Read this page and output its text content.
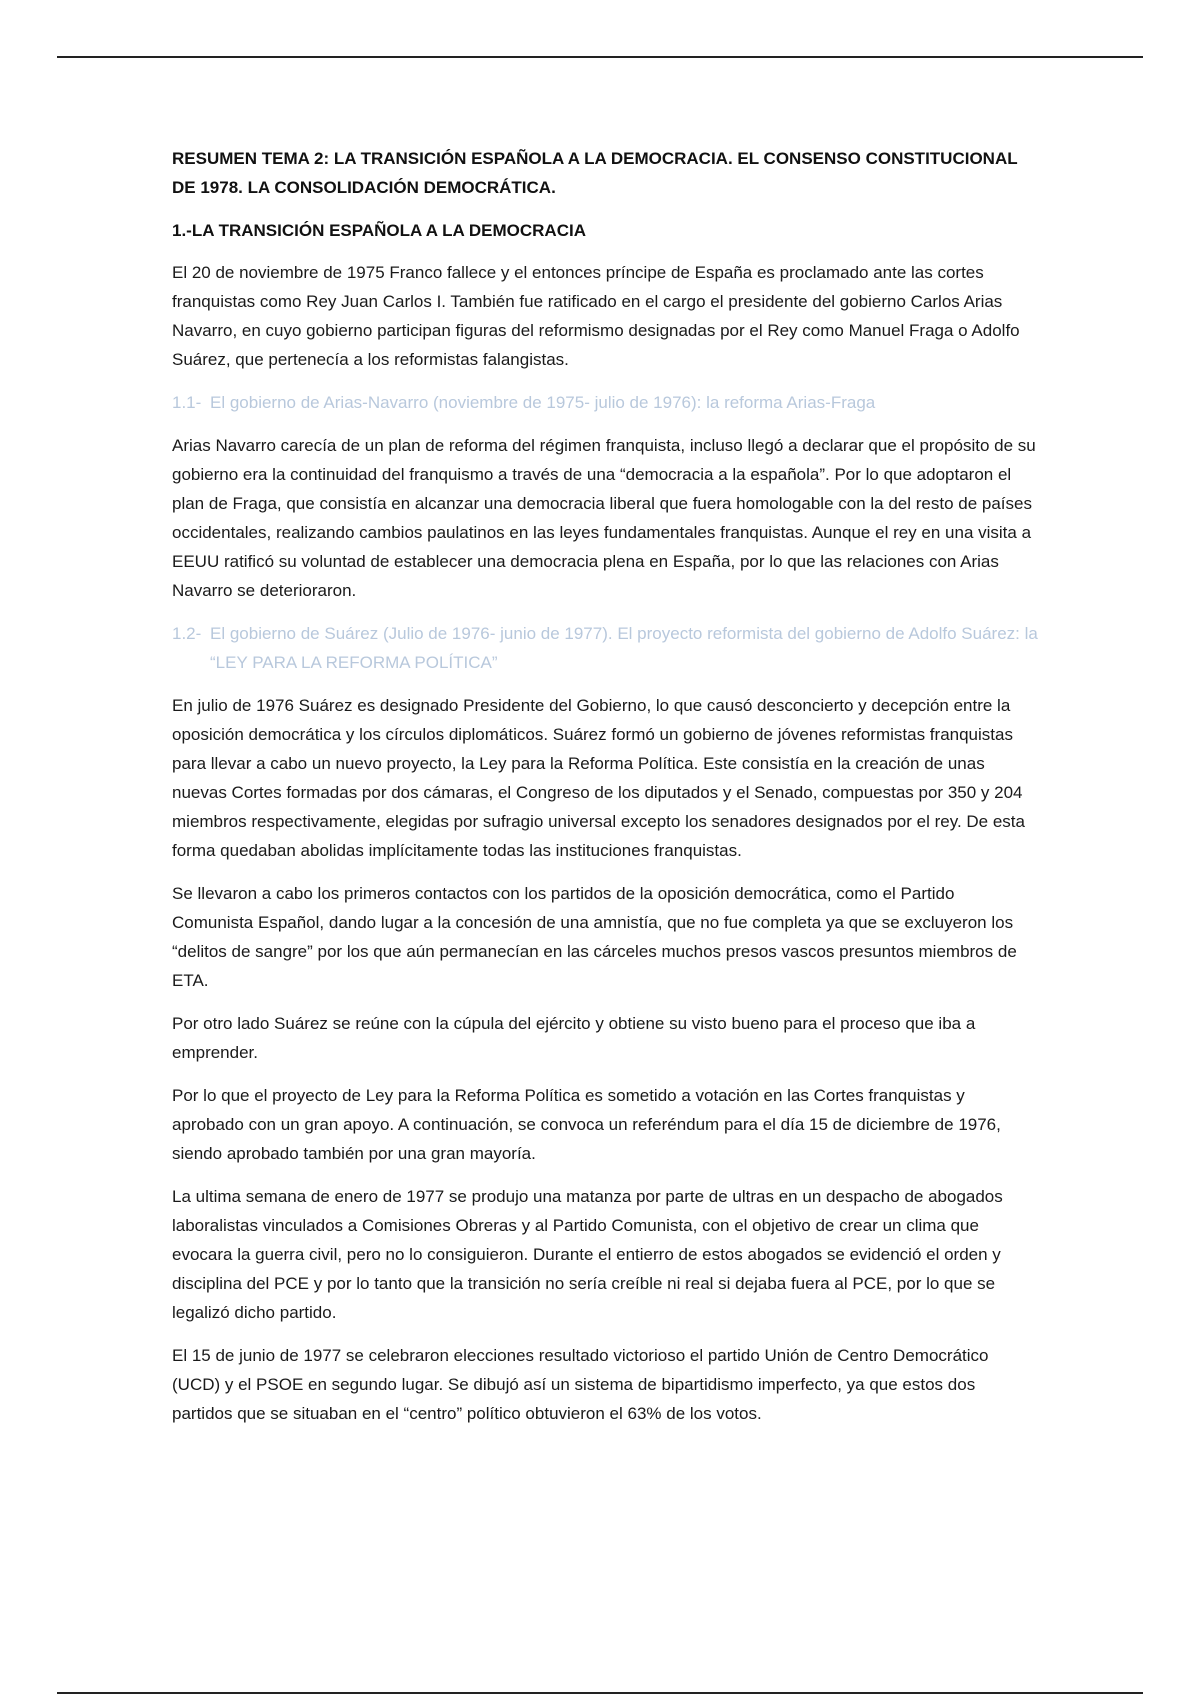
RESUMEN TEMA 2: LA TRANSICIÓN ESPAÑOLA A LA DEMOCRACIA. EL CONSENSO CONSTITUCIONAL DE 1978. LA CONSOLIDACIÓN DEMOCRÁTICA.
1.-LA TRANSICIÓN ESPAÑOLA A LA DEMOCRACIA

El 20 de noviembre de 1975 Franco fallece y el entonces príncipe de España es proclamado ante las cortes franquistas como Rey Juan Carlos I. También fue ratificado en el cargo el presidente del gobierno Carlos Arias Navarro, en cuyo gobierno participan figuras del reformismo designadas por el Rey como Manuel Fraga o Adolfo Suárez, que pertenecía a los reformistas falangistas.

1.1- El gobierno de Arias-Navarro (noviembre de 1975- julio de 1976): la reforma Arias-Fraga

Arias Navarro carecía de un plan de reforma del régimen franquista, incluso llegó a declarar que el propósito de su gobierno era la continuidad del franquismo a través de una “democracia a la española”. Por lo que adoptaron el plan de Fraga, que consistía en alcanzar una democracia liberal que fuera homologable con la del resto de países occidentales, realizando cambios paulatinos en las leyes fundamentales franquistas. Aunque el rey en una visita a EEUU ratificó su voluntad de establecer una democracia plena en España, por lo que las relaciones con Arias Navarro se deterioraron.

1.2- El gobierno de Suárez (Julio de 1976- junio de 1977). El proyecto reformista del gobierno de Adolfo Suárez: la “LEY PARA LA REFORMA POLÍTICA”

En julio de 1976 Suárez es designado Presidente del Gobierno, lo que causó desconcierto y decepción entre la oposición democrática y los círculos diplomáticos. Suárez formó un gobierno de jóvenes reformistas franquistas para llevar a cabo un nuevo proyecto, la Ley para la Reforma Política. Este consistía en la creación de unas nuevas Cortes formadas por dos cámaras, el Congreso de los diputados y el Senado, compuestas por 350 y 204 miembros respectivamente, elegidas por sufragio universal excepto los senadores designados por el rey. De esta forma quedaban abolidas implícitamente todas las instituciones franquistas.

Se llevaron a cabo los primeros contactos con los partidos de la oposición democrática, como el Partido Comunista Español, dando lugar a la concesión de una amnistía, que no fue completa ya que se excluyeron los “delitos de sangre” por los que aún permanecían en las cárceles muchos presos vascos presuntos miembros de ETA.

Por otro lado Suárez se reúne con la cúpula del ejército y obtiene su visto bueno para el proceso que iba a emprender.

Por lo que el proyecto de Ley para la Reforma Política es sometido a votación en las Cortes franquistas y aprobado con un gran apoyo. A continuación, se convoca un referéndum para el día 15 de diciembre de 1976, siendo aprobado también por una gran mayoría.

La ultima semana de enero de 1977 se produjo una matanza por parte de ultras en un despacho de abogados laboralistas vinculados a Comisiones Obreras y al Partido Comunista, con el objetivo de crear un clima que evocara la guerra civil, pero no lo consiguieron. Durante el entierro de estos abogados se evidenció el orden y disciplina del PCE y por lo tanto que la transición no sería creíble ni real si dejaba fuera al PCE, por lo que se legalizó dicho partido.

El 15 de junio de 1977 se celebraron elecciones resultado victorioso el partido Unión de Centro Democrático (UCD) y el PSOE en segundo lugar. Se dibujó así un sistema de bipartidismo imperfecto, ya que estos dos partidos que se situaban en el “centro” político obtuvieron el 63% de los votos.
